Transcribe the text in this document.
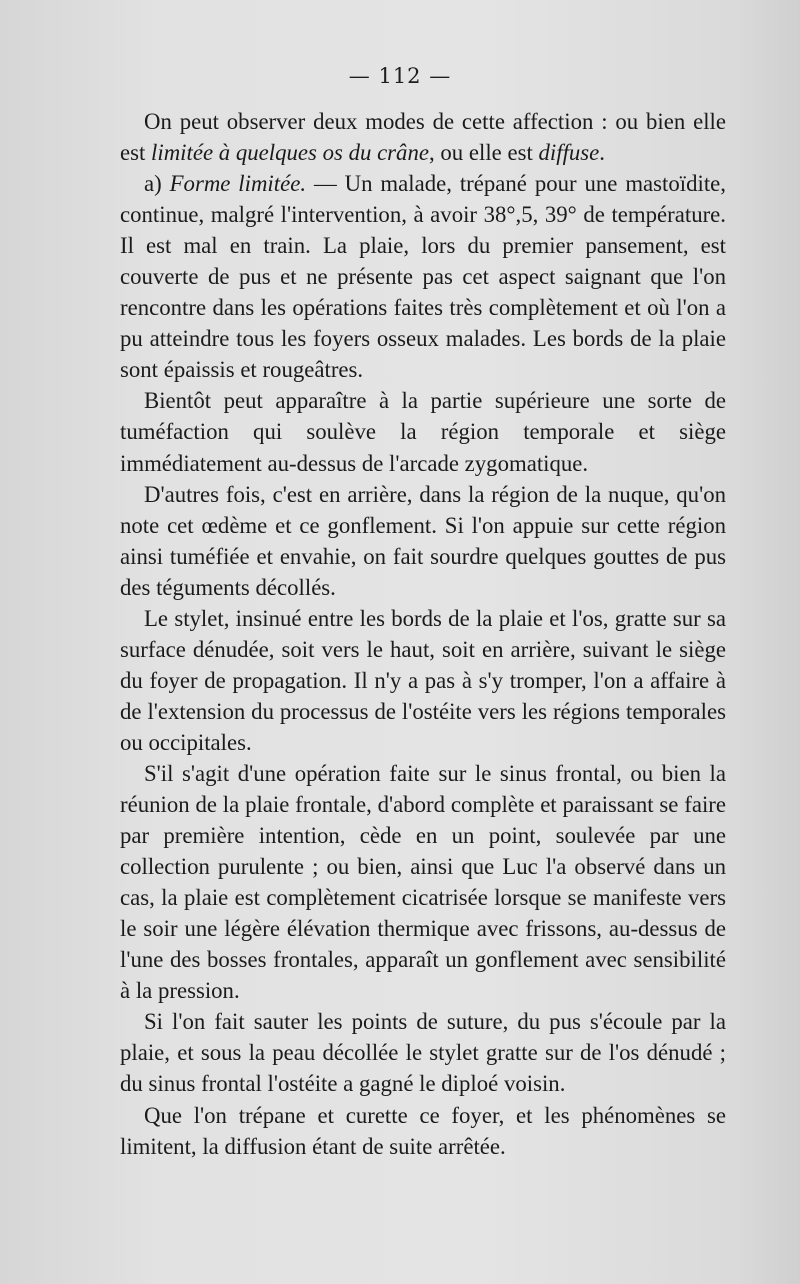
— 112 —

On peut observer deux modes de cette affection : ou bien elle est limitée à quelques os du crâne, ou elle est diffuse.

a) Forme limitée. — Un malade, trépané pour une mastoïdite, continue, malgré l'intervention, à avoir 38°,5, 39° de température. Il est mal en train. La plaie, lors du premier pansement, est couverte de pus et ne présente pas cet aspect saignant que l'on rencontre dans les opérations faites très complètement et où l'on a pu atteindre tous les foyers osseux malades. Les bords de la plaie sont épaissis et rougeâtres.

Bientôt peut apparaître à la partie supérieure une sorte de tuméfaction qui soulève la région temporale et siège immédiatement au-dessus de l'arcade zygomatique.

D'autres fois, c'est en arrière, dans la région de la nuque, qu'on note cet œdème et ce gonflement. Si l'on appuie sur cette région ainsi tuméfiée et envahie, on fait sourdre quelques gouttes de pus des téguments décollés.

Le stylet, insinué entre les bords de la plaie et l'os, gratte sur sa surface dénudée, soit vers le haut, soit en arrière, suivant le siège du foyer de propagation. Il n'y a pas à s'y tromper, l'on a affaire à de l'extension du processus de l'ostéite vers les régions temporales ou occipitales.

S'il s'agit d'une opération faite sur le sinus frontal, ou bien la réunion de la plaie frontale, d'abord complète et paraissant se faire par première intention, cède en un point, soulevée par une collection purulente ; ou bien, ainsi que Luc l'a observé dans un cas, la plaie est complètement cicatrisée lorsque se manifeste vers le soir une légère élévation thermique avec frissons, au-dessus de l'une des bosses frontales, apparaît un gonflement avec sensibilité à la pression.

Si l'on fait sauter les points de suture, du pus s'écoule par la plaie, et sous la peau décollée le stylet gratte sur de l'os dénudé ; du sinus frontal l'ostéite a gagné le diploé voisin.

Que l'on trépane et curette ce foyer, et les phénomènes se limitent, la diffusion étant de suite arrêtée.
